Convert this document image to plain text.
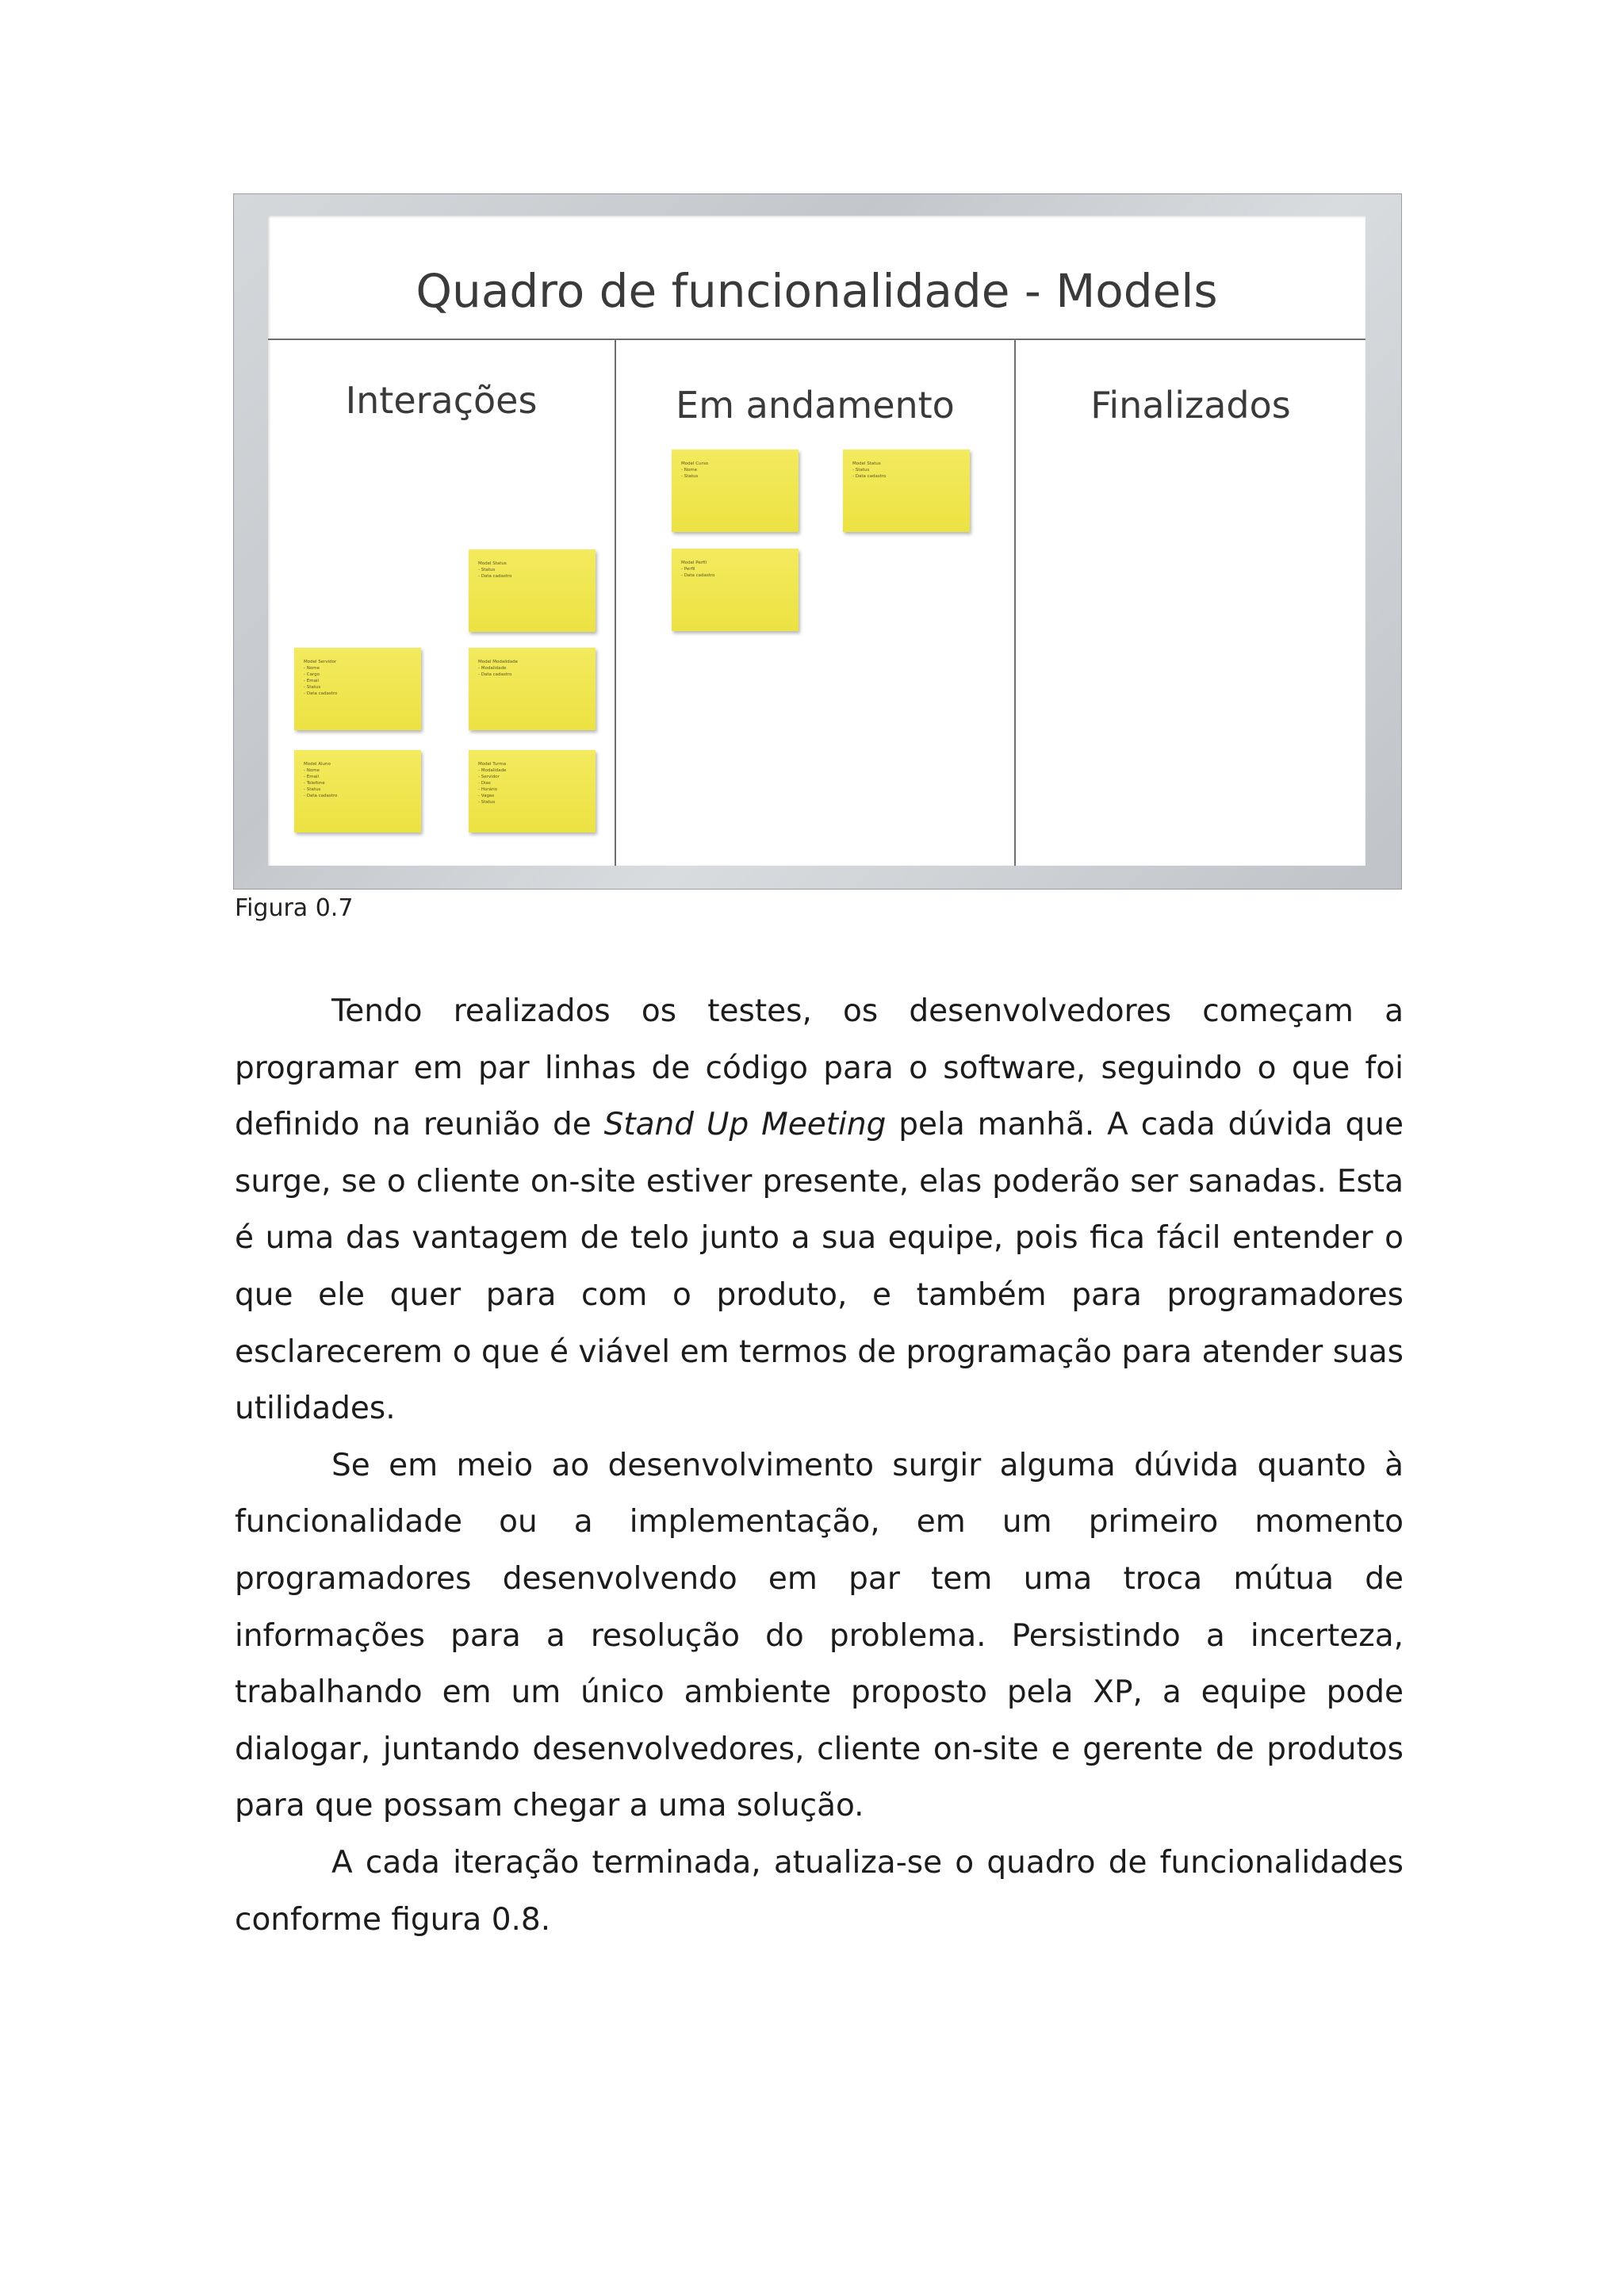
Quadro de funcionalidade - Models
Interações	Em andamento	Finalizados
Model Status
- Status
- Data cadastro
Model Servidor
- Nome
- Cargo
- Email
- Status
- Data cadastro
Model Modalidade
- Modalidade
- Data cadastro
Model Aluno
- Nome
- Email
- Telefone
- Status
- Data cadastro
Model Turma
- Modalidade
- Servidor
- Dias
- Horário
- Vagas
- Status
Model Curso
- Nome
- Status
Model Status
- Status
- Data cadastro
Model Perfil
- Perfil
- Data cadastro
Figura 0.7

Tendo realizados os testes, os desenvolvedores começam a programar em par linhas de código para o software, seguindo o que foi definido na reunião de Stand Up Meeting pela manhã. A cada dúvida que surge, se o cliente on-site estiver presente, elas poderão ser sanadas. Esta é uma das vantagem de telo junto a sua equipe, pois fica fácil entender o que ele quer para com o produto, e também para programadores esclarecerem o que é viável em termos de programação para atender suas utilidades.

Se em meio ao desenvolvimento surgir alguma dúvida quanto à funcionalidade ou a implementação, em um primeiro momento programadores desenvolvendo em par tem uma troca mútua de informações para a resolução do problema. Persistindo a incerteza, trabalhando em um único ambiente proposto pela XP, a equipe pode dialogar, juntando desenvolvedores, cliente on-site e gerente de produtos para que possam chegar a uma solução.

A cada iteração terminada, atualiza-se o quadro de funcionalidades conforme figura 0.8.
